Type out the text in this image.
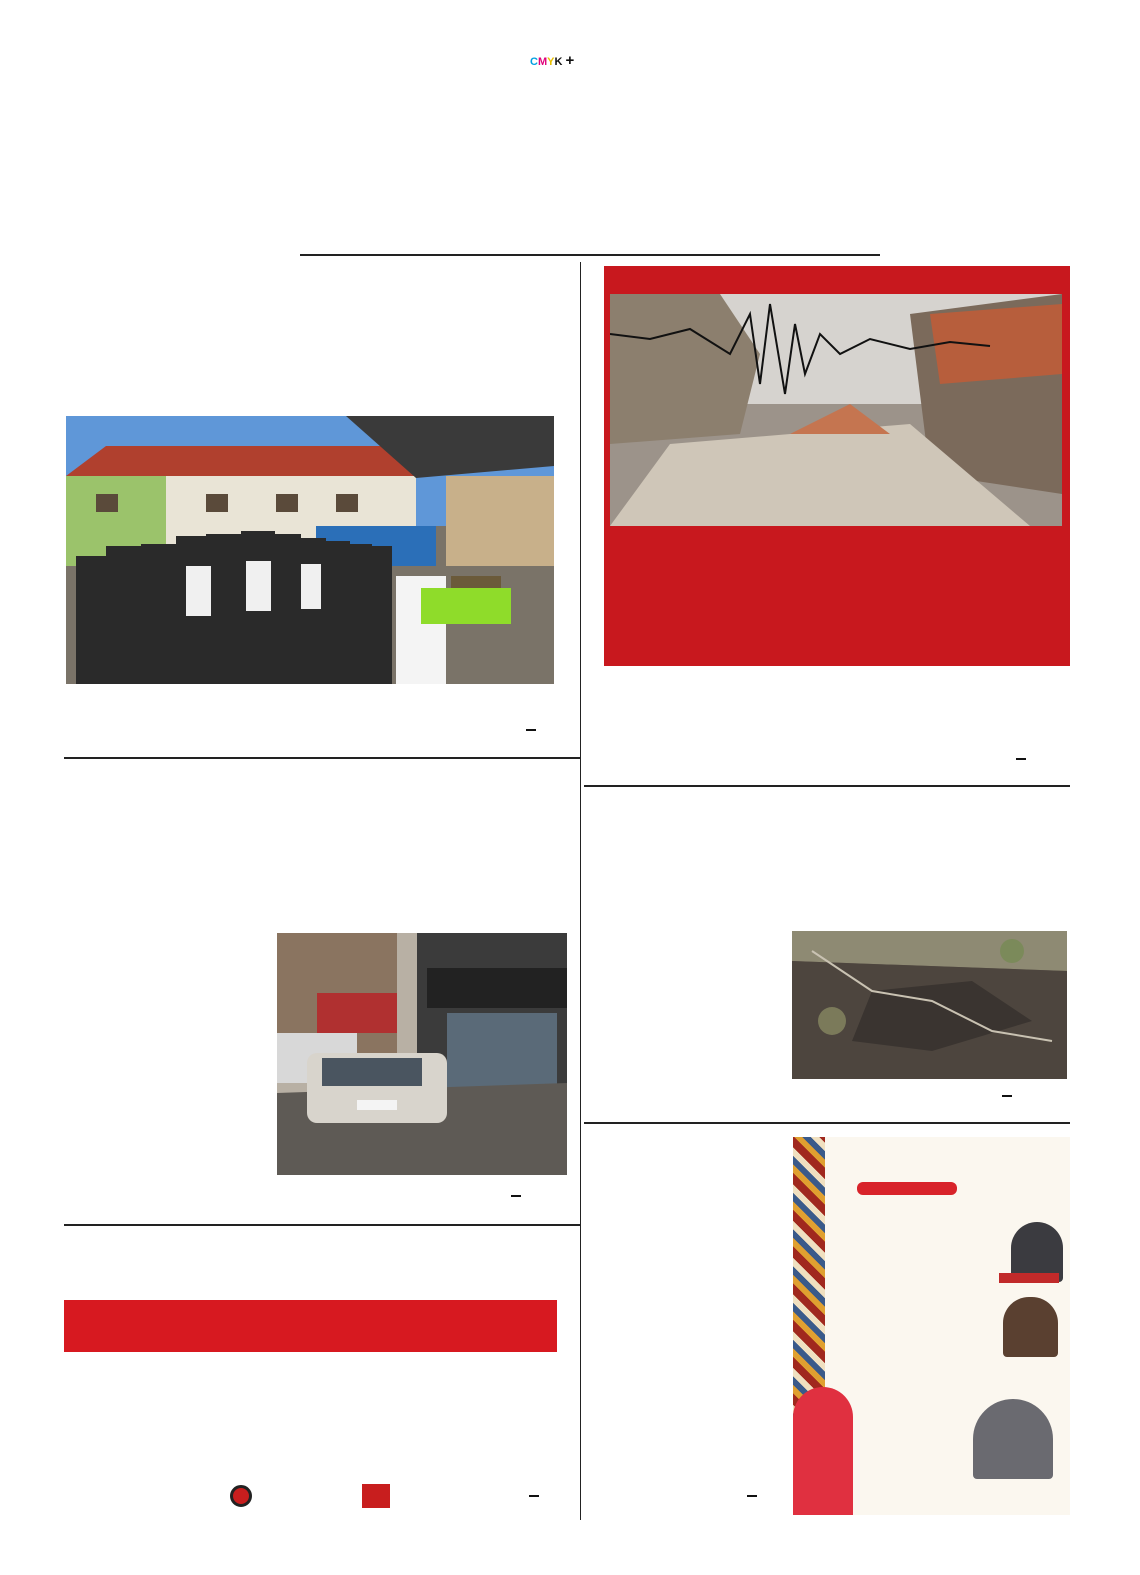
CMYK +
